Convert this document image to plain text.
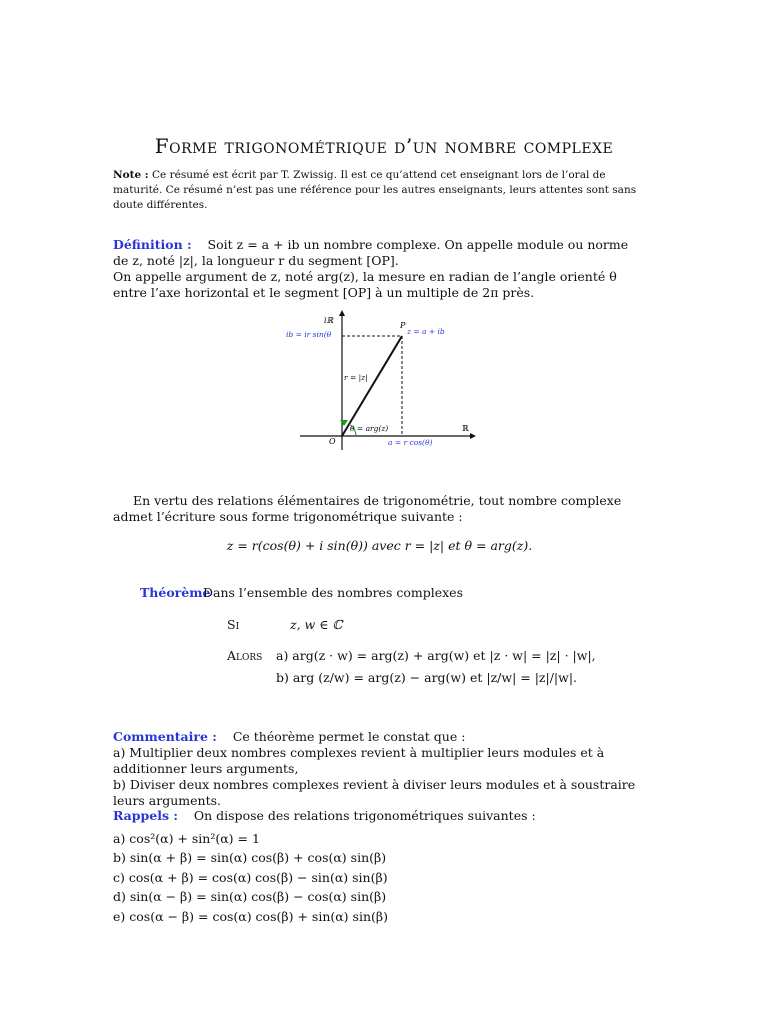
Forme trigonométrique d’un nombre complexe
Note : Ce résumé est écrit par T. Zwissig. Il est ce qu’attend cet enseignant lors de l’oral de maturité. Ce résumé n’est pas une référence pour les autres enseignants, leurs attentes sont sans doute différentes.
Définition : Soit z = a + ib un nombre complexe. On appelle module ou norme de z, noté |z|, la longueur r du segment [OP].
On appelle argument de z, noté arg(z), la mesure en radian de l’angle orienté θ entre l’axe horizontal et le segment [OP] à un multiple de 2π près.
iℝ
ℝ
O
P
z = a + ib
ib = ir sin(θ
a = r cos(θ)
r = |z|
θ = arg(z)
En vertu des relations élémentaires de trigonométrie, tout nombre complexe admet l’écriture sous forme trigonométrique suivante :
z = r(cos(θ) + i sin(θ)) avec r = |z| et θ = arg(z).
Théorème
Dans l’ensemble des nombres complexes
Si	z, w ∈ ℂ
Alors a) arg(z · w) = arg(z) + arg(w) et |z · w| = |z| · |w|,
b) arg (z/w) = arg(z) − arg(w) et |z/w| = |z|/|w|.
Commentaire : Ce théorème permet le constat que :
a) Multiplier deux nombres complexes revient à multiplier leurs modules et à additionner leurs arguments,
b) Diviser deux nombres complexes revient à diviser leurs modules et à soustraire leurs arguments.
Rappels : On dispose des relations trigonométriques suivantes :
a) cos²(α) + sin²(α) = 1
b) sin(α + β) = sin(α) cos(β) + cos(α) sin(β)
c) cos(α + β) = cos(α) cos(β) − sin(α) sin(β)
d) sin(α − β) = sin(α) cos(β) − cos(α) sin(β)
e) cos(α − β) = cos(α) cos(β) + sin(α) sin(β)
